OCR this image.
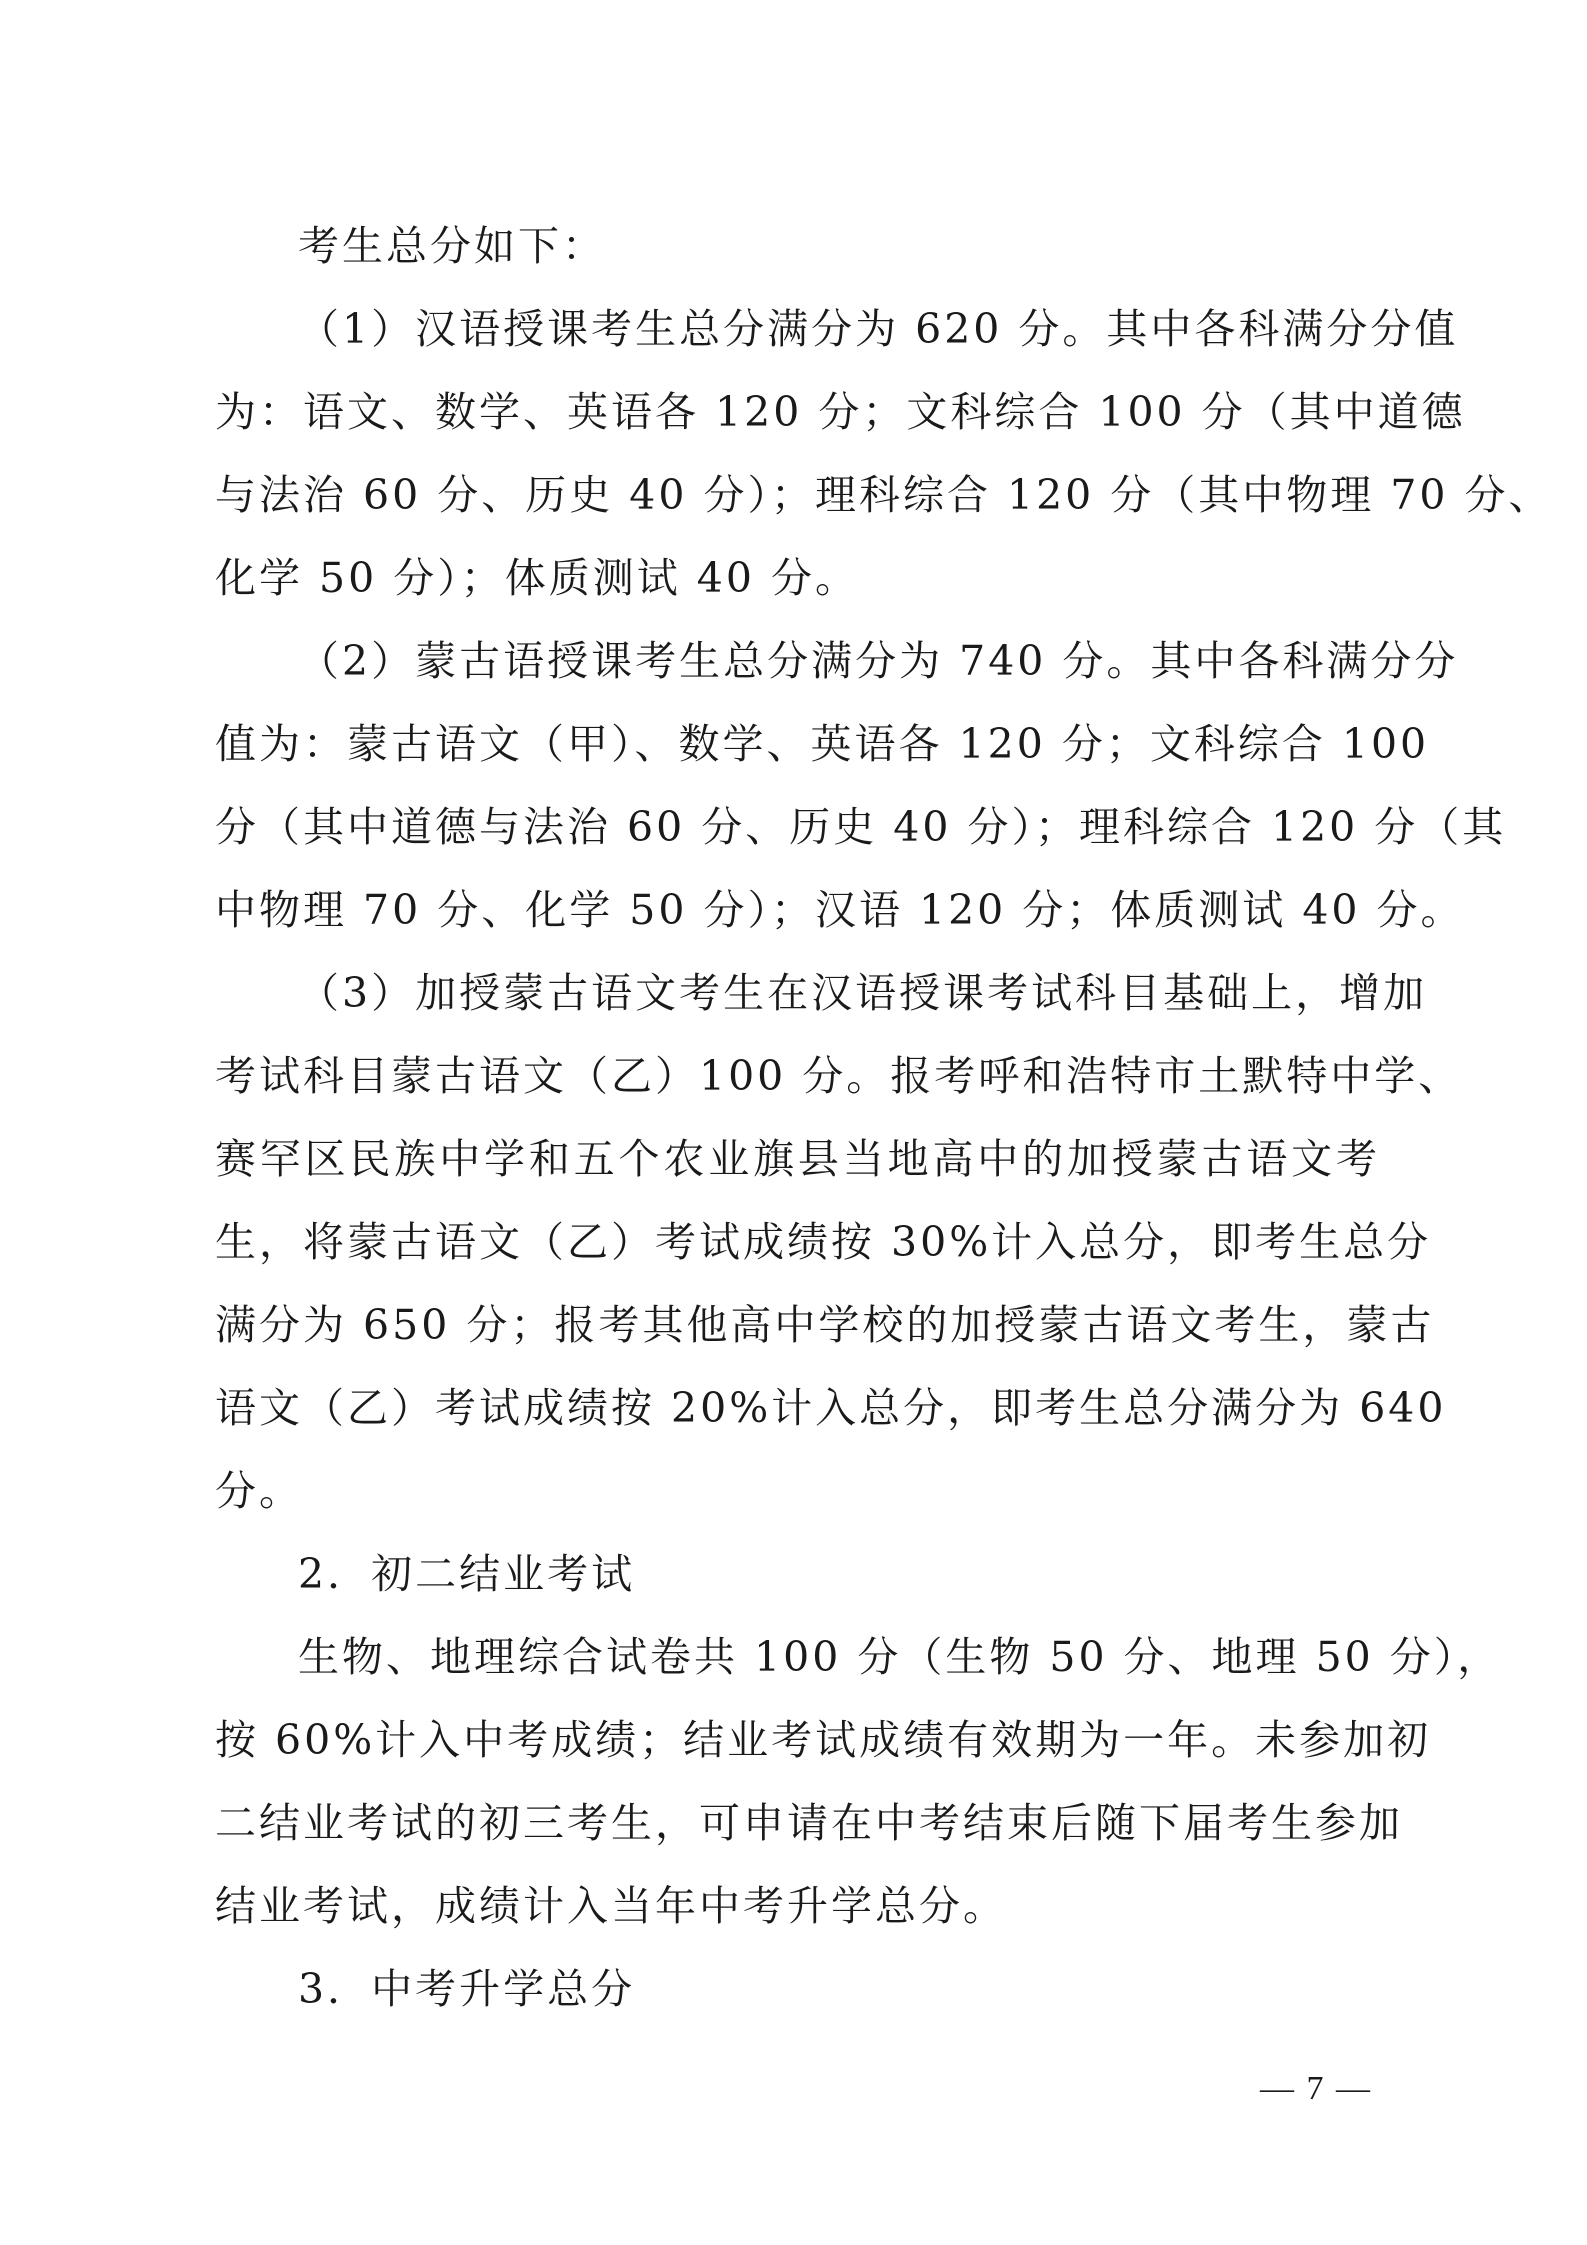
考生总分如下：
（1）汉语授课考生总分满分为 620 分。其中各科满分分值
为：语文、数学、英语各 120 分；文科综合 100 分（其中道德
与法治 60 分、历史 40 分）；理科综合 120 分（其中物理 70 分、
化学 50 分）；体质测试 40 分。
（2）蒙古语授课考生总分满分为 740 分。其中各科满分分
值为：蒙古语文（甲）、数学、英语各 120 分；文科综合 100
分（其中道德与法治 60 分、历史 40 分）；理科综合 120 分（其
中物理 70 分、化学 50 分）；汉语 120 分；体质测试 40 分。
（3）加授蒙古语文考生在汉语授课考试科目基础上，增加
考试科目蒙古语文（乙）100 分。报考呼和浩特市土默特中学、
赛罕区民族中学和五个农业旗县当地高中的加授蒙古语文考
生，将蒙古语文（乙）考试成绩按 30%计入总分，即考生总分
满分为 650 分；报考其他高中学校的加授蒙古语文考生，蒙古
语文（乙）考试成绩按 20%计入总分，即考生总分满分为 640
分。
2．初二结业考试
生物、地理综合试卷共 100 分（生物 50 分、地理 50 分），
按 60%计入中考成绩；结业考试成绩有效期为一年。未参加初
二结业考试的初三考生，可申请在中考结束后随下届考生参加
结业考试，成绩计入当年中考升学总分。
3．中考升学总分
— 7 —
